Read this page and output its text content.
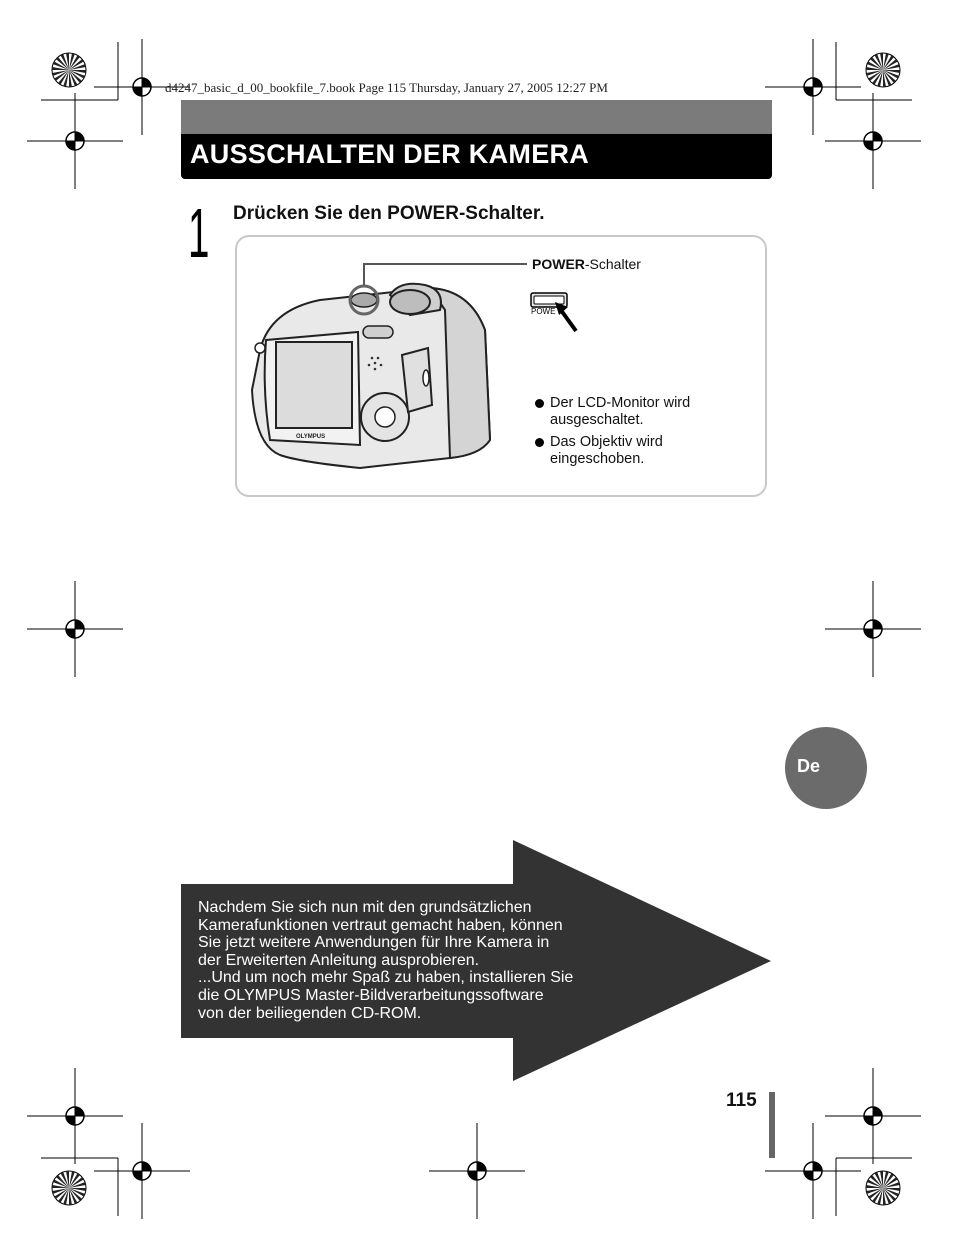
d4247_basic_d_00_bookfile_7.book Page 115 Thursday, January 27, 2005 12:27 PM
AUSSCHALTEN DER KAMERA
1 Drücken Sie den POWER-Schalter.
OLYMPUS
POWER-Schalter
POWE
Der LCD-Monitor wird ausgeschaltet.
Das Objektiv wird eingeschoben.
De
Nachdem Sie sich nun mit den grundsätzlichen
Kamerafunktionen vertraut gemacht haben, können
Sie jetzt weitere Anwendungen für Ihre Kamera in
der Erweiterten Anleitung ausprobieren.
...Und um noch mehr Spaß zu haben, installieren Sie
die OLYMPUS Master-Bildverarbeitungssoftware
von der beiliegenden CD-ROM.
115
